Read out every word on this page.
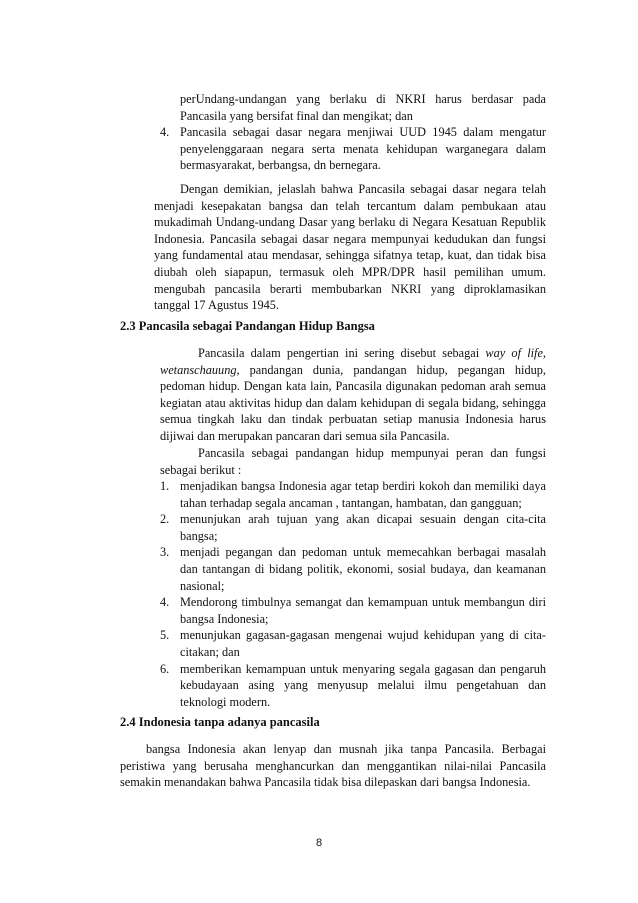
perUndang-undangan yang berlaku di NKRI harus berdasar pada Pancasila yang bersifat final dan mengikat; dan

4. Pancasila sebagai dasar negara menjiwai UUD 1945 dalam mengatur penyelenggaraan negara serta menata kehidupan warganegara dalam bermasyarakat, berbangsa, dn bernegara.

Dengan demikian, jelaslah bahwa Pancasila sebagai dasar negara telah menjadi kesepakatan bangsa dan telah tercantum dalam pembukaan atau mukadimah Undang-undang Dasar yang berlaku di Negara Kesatuan Republik Indonesia. Pancasila sebagai dasar negara mempunyai kedudukan dan fungsi yang fundamental atau mendasar, sehingga sifatnya tetap, kuat, dan tidak bisa diubah oleh siapapun, termasuk oleh MPR/DPR hasil pemilihan umum. mengubah pancasila berarti membubarkan NKRI yang diproklamasikan tanggal 17 Agustus 1945.

2.3 Pancasila sebagai Pandangan Hidup Bangsa

Pancasila dalam pengertian ini sering disebut sebagai way of life, wetanschauung, pandangan dunia, pandangan hidup, pegangan hidup, pedoman hidup. Dengan kata lain, Pancasila digunakan pedoman arah semua kegiatan atau aktivitas hidup dan dalam kehidupan di segala bidang, sehingga semua tingkah laku dan tindak perbuatan setiap manusia Indonesia harus dijiwai dan merupakan pancaran dari semua sila Pancasila.

Pancasila sebagai pandangan hidup mempunyai peran dan fungsi sebagai berikut :

1. menjadikan bangsa Indonesia agar tetap berdiri kokoh dan memiliki daya tahan terhadap segala ancaman , tantangan, hambatan, dan gangguan;

2. menunjukan arah tujuan yang akan dicapai sesuain dengan cita-cita bangsa;

3. menjadi pegangan dan pedoman untuk memecahkan berbagai masalah dan tantangan di bidang politik, ekonomi, sosial budaya, dan keamanan nasional;

4. Mendorong timbulnya semangat dan kemampuan untuk membangun diri bangsa Indonesia;

5. menunjukan gagasan-gagasan mengenai wujud kehidupan yang di cita-citakan; dan

6. memberikan kemampuan untuk menyaring segala gagasan dan pengaruh kebudayaan asing yang menyusup melalui ilmu pengetahuan dan teknologi modern.

2.4 Indonesia tanpa adanya pancasila

bangsa Indonesia akan lenyap dan musnah jika tanpa Pancasila. Berbagai peristiwa yang berusaha menghancurkan dan menggantikan nilai-nilai Pancasila semakin menandakan bahwa Pancasila tidak bisa dilepaskan dari bangsa Indonesia.

8
